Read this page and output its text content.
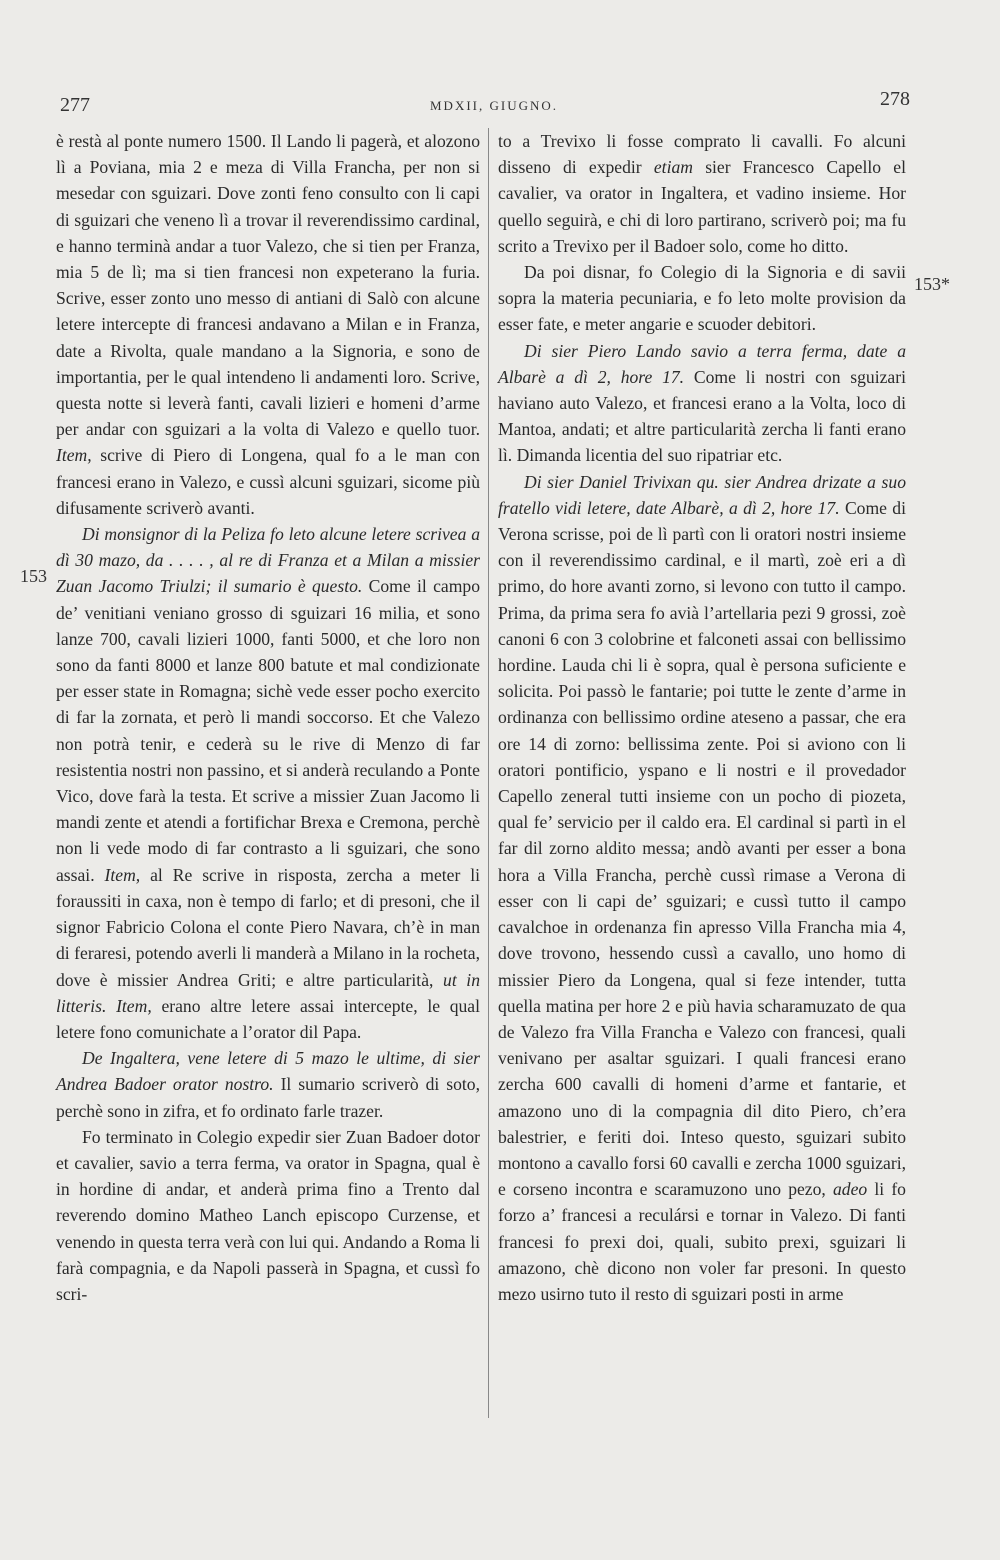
277	MDXII, GIUGNO.	278
153
153*

è restà al ponte numero 1500. Il Lando li pagerà, et alozono lì a Poviana, mia 2 e meza di Villa Francha, per non si mesedar con sguizari. Dove zonti feno consulto con li capi di sguizari che veneno lì a trovar il reverendissimo cardinal, e hanno terminà andar a tuor Valezo, che si tien per Franza, mia 5 de lì; ma si tien francesi non expeterano la furia. Scrive, esser zonto uno messo di antiani di Salò con alcune letere intercepte di francesi andavano a Milan e in Franza, date a Rivolta, quale mandano a la Signoria, e sono de importantia, per le qual intendeno li andamenti loro. Scrive, questa notte si leverà fanti, cavali lizieri e homeni d’arme per andar con sguizari a la volta di Valezo e quello tuor. Item, scrive di Piero di Longena, qual fo a le man con francesi erano in Valezo, e cussì alcuni sguizari, sicome più difusamente scriverò avanti.

Di monsignor di la Peliza fo leto alcune letere scrivea a dì 30 mazo, da . . . . , al re di Franza et a Milan a missier Zuan Jacomo Triulzi; il sumario è questo. Come il campo de’ venitiani veniano grosso di sguizari 16 milia, et sono lanze 700, cavali lizieri 1000, fanti 5000, et che loro non sono da fanti 8000 et lanze 800 batute et mal condizionate per esser state in Romagna; sichè vede esser pocho exercito di far la zornata, et però li mandi soccorso. Et che Valezo non potrà tenir, e cederà su le rive di Menzo di far resistentia nostri non passino, et si anderà reculando a Ponte Vico, dove farà la testa. Et scrive a missier Zuan Jacomo li mandi zente et atendi a fortifichar Brexa e Cremona, perchè non li vede modo di far contrasto a li sguizari, che sono assai. Item, al Re scrive in risposta, zercha a meter li foraussiti in caxa, non è tempo di farlo; et di presoni, che il signor Fabricio Colona el conte Piero Navara, ch’è in man di feraresi, potendo averli li manderà a Milano in la rocheta, dove è missier Andrea Griti; e altre particularità, ut in litteris. Item, erano altre letere assai intercepte, le qual letere fono comunichate a l’orator dil Papa.

De Ingaltera, vene letere di 5 mazo le ultime, di sier Andrea Badoer orator nostro. Il sumario scriverò di soto, perchè sono in zifra, et fo ordinato farle trazer.

Fo terminato in Colegio expedir sier Zuan Badoer dotor et cavalier, savio a terra ferma, va orator in Spagna, qual è in hordine di andar, et anderà prima fino a Trento dal reverendo domino Matheo Lanch episcopo Curzense, et venendo in questa terra verà con lui qui. Andando a Roma li farà compagnia, e da Napoli passerà in Spagna, et cussì fo scri-

to a Trevixo li fosse comprato li cavalli. Fo alcuni disseno di expedir etiam sier Francesco Capello el cavalier, va orator in Ingaltera, et vadino insieme. Hor quello seguirà, e chi di loro partirano, scriverò poi; ma fu scrito a Trevixo per il Badoer solo, come ho ditto.

Da poi disnar, fo Colegio di la Signoria e di savii sopra la materia pecuniaria, e fo leto molte provision da esser fate, e meter angarie e scuoder debitori.

Di sier Piero Lando savio a terra ferma, date a Albarè a dì 2, hore 17. Come li nostri con sguizari haviano auto Valezo, et francesi erano a la Volta, loco di Mantoa, andati; et altre particularità zercha li fanti erano lì. Dimanda licentia del suo ripatriar etc.

Di sier Daniel Trivixan qu. sier Andrea drizate a suo fratello vidi letere, date Albarè, a dì 2, hore 17. Come di Verona scrisse, poi de lì partì con li oratori nostri insieme con il reverendissimo cardinal, e il martì, zoè eri a dì primo, do hore avanti zorno, si levono con tutto il campo. Prima, da prima sera fo avià l’artellaria pezi 9 grossi, zoè canoni 6 con 3 colobrine et falconeti assai con bellissimo hordine. Lauda chi li è sopra, qual è persona suficiente e solicita. Poi passò le fantarie; poi tutte le zente d’arme in ordinanza con bellissimo ordine ateseno a passar, che era ore 14 di zorno: bellissima zente. Poi si aviono con li oratori pontificio, yspano e li nostri e il provedador Capello zeneral tutti insieme con un pocho di piozeta, qual fe’ servicio per il caldo era. El cardinal si partì in el far dil zorno aldito messa; andò avanti per esser a bona hora a Villa Francha, perchè cussì rimase a Verona di esser con li capi de’ sguizari; e cussì tutto il campo cavalchoe in ordenanza fin apresso Villa Francha mia 4, dove trovono, hessendo cussì a cavallo, uno homo di missier Piero da Longena, qual si feze intender, tutta quella matina per hore 2 e più havia scharamuzato de qua de Valezo fra Villa Francha e Valezo con francesi, quali venivano per asaltar sguizari. I quali francesi erano zercha 600 cavalli di homeni d’arme et fantarie, et amazono uno di la compagnia dil dito Piero, ch’era balestrier, e feriti doi. Inteso questo, sguizari subito montono a cavallo forsi 60 cavalli e zercha 1000 sguizari, e corseno incontra e scaramuzono uno pezo, adeo li fo forzo a’ francesi a reculársi e tornar in Valezo. Di fanti francesi fo prexi doi, quali, subito prexi, sguizari li amazono, chè dicono non voler far presoni. In questo mezo usirno tuto il resto di sguizari posti in arme
